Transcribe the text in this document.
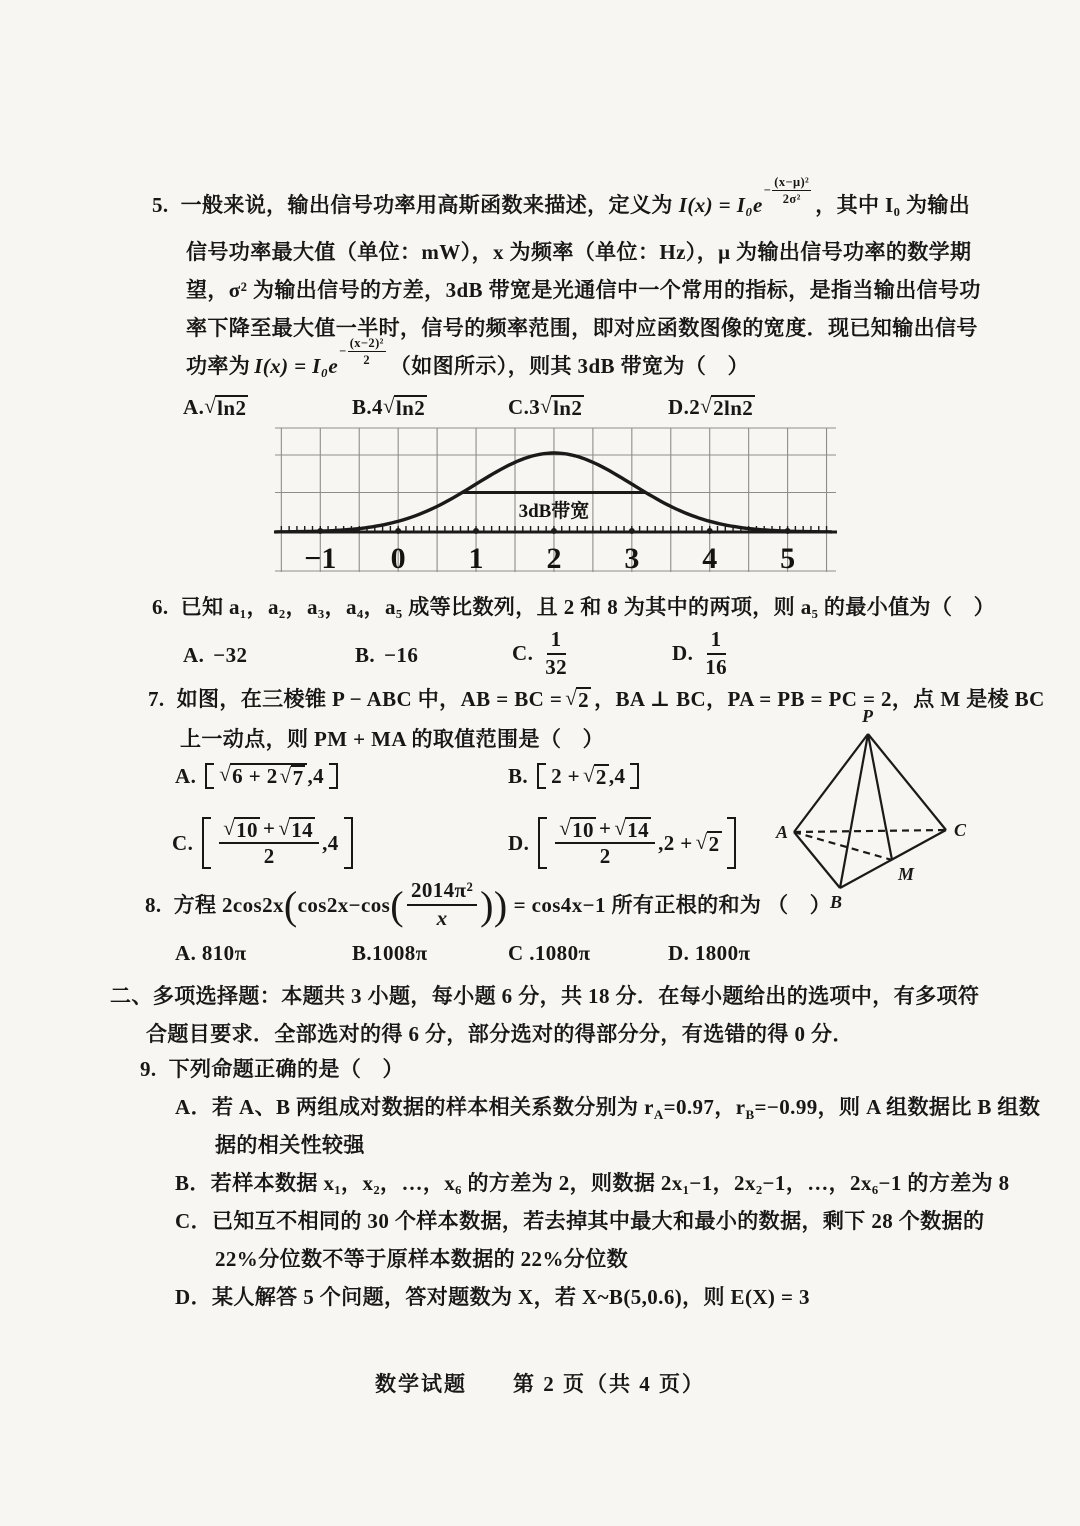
5. 一般来说，输出信号功率用高斯函数来描述，定义为 I(x) = I₀e
− $\frac{\text{(x−μ)²}}{\text{2σ²}}$ ，其中 I₀ 为输出
信号功率最大值（单位：mW），x 为频率（单位：Hz），μ 为输出信号功率的数学期
望，σ² 为输出信号的方差，3dB 带宽是光通信中一个常用的指标，是指当输出信号功
率下降至最大值一半时，信号的频率范围，即对应函数图像的宽度．现已知输出信号
功率为 I(x) = I₀e
− $\frac{\text{(x−2)²}}{2}$ （如图所示），则其 3dB 带宽为（　）
A. √ ln2	B.4 √ ln2	C.3 √ ln2	D.2 √ 2ln2
3dB带宽
−1 0 1 2 3 4 5
6. 已知 a₁，a₂，a₃，a₄，a₅ 成等比数列，且 2 和 8 为其中的两项，则 a₅ 的最小值为（　）
A. −32	B. −16	C. $\frac{1}{32}$	D. $\frac{1}{16}$
7. 如图，在三棱锥 P − ABC 中，AB = BC = √ 2 ，BA ⊥ BC，PA = PB = PC = 2，点 M 是棱 BC
上一动点，则 PM + MA 的取值范围是（　）
A. √ 6 + 2 √ 7 ,4	B. 2 + √ 2 ,4
C. √ $\frac{10 + √ 14}{2} ,4$	D. √ $\frac{10 + √ 14}{2} ,2$ + √ 2
P
A	C
B
M
8. 方程 2cos2x ( cos2x−cos ( $\frac{\text{2014π²}}{x}$ )) = cos4x−1 所有正根的和为 （　）
A. 810π	B.1008π	C .1080π	D. 1800π
二、多项选择题：本题共 3 小题，每小题 6 分，共 18 分．在每小题给出的选项中，有多项符
合题目要求．全部选对的得 6 分，部分选对的得部分分，有选错的得 0 分．
9. 下列命题正确的是（　）
A．若 A、B 两组成对数据的样本相关系数分别为 $r_A=0.97$，$r_B=-0.99$，则 A 组数据比 B 组数
据的相关性较强
B．若样本数据 x₁，x₂，…，x₆ 的方差为 2，则数据 2x₁−1，2x₂−1，…，2x₆−1 的方差为 8
C．已知互不相同的 30 个样本数据，若去掉其中最大和最小的数据，剩下 28 个数据的
22%分位数不等于原样本数据的 22%分位数
D．某人解答 5 个问题，答对题数为 X，若 X~B(5,0.6)，则 E(X) = 3
数学试题　　第 2 页（共 4 页）
